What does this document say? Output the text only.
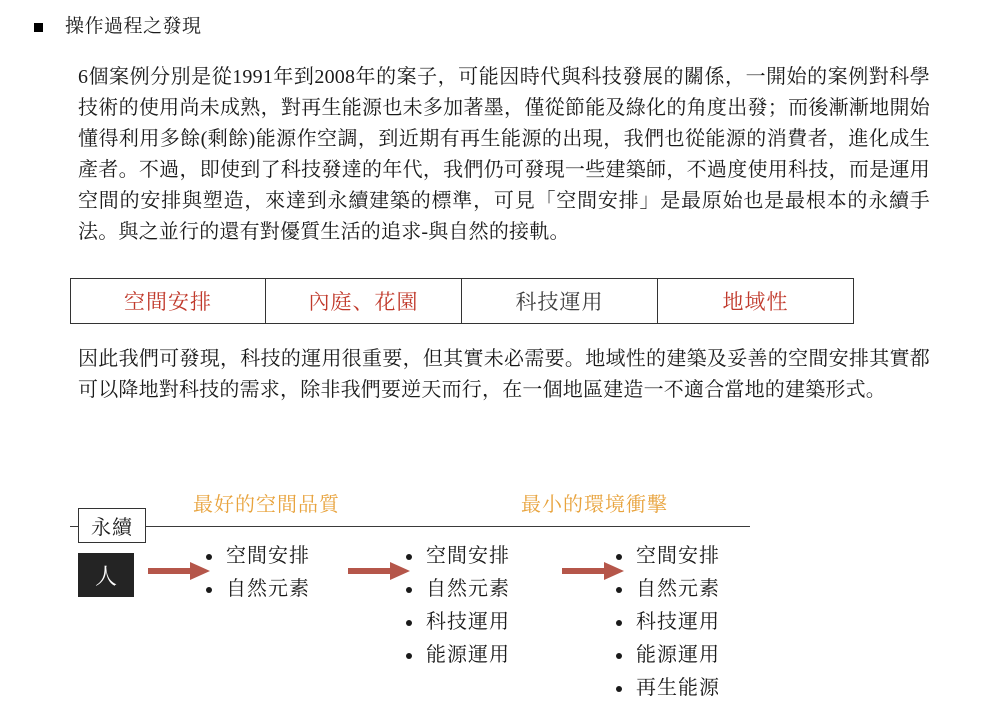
操作過程之發現
6個案例分別是從1991年到2008年的案子，可能因時代與科技發展的關係，一開始的案例對科學技術的使用尚未成熟，對再生能源也未多加著墨，僅從節能及綠化的角度出發；而後漸漸地開始懂得利用多餘(剩餘)能源作空調，到近期有再生能源的出現，我們也從能源的消費者，進化成生產者。不過，即使到了科技發達的年代，我們仍可發現一些建築師，不過度使用科技，而是運用空間的安排與塑造，來達到永續建築的標準，可見「空間安排」是最原始也是最根本的永續手法。與之並行的還有對優質生活的追求-與自然的接軌。
空間安排	內庭、花園	科技運用	地域性
因此我們可發現，科技的運用很重要，但其實未必需要。地域性的建築及妥善的空間安排其實都可以降地對科技的需求，除非我們要逆天而行，在一個地區建造一不適合當地的建築形式。
最好的空間品質	最小的環境衝擊
永續
人
空間安排
自然元素
空間安排
自然元素
科技運用
能源運用
空間安排
自然元素
科技運用
能源運用
再生能源
